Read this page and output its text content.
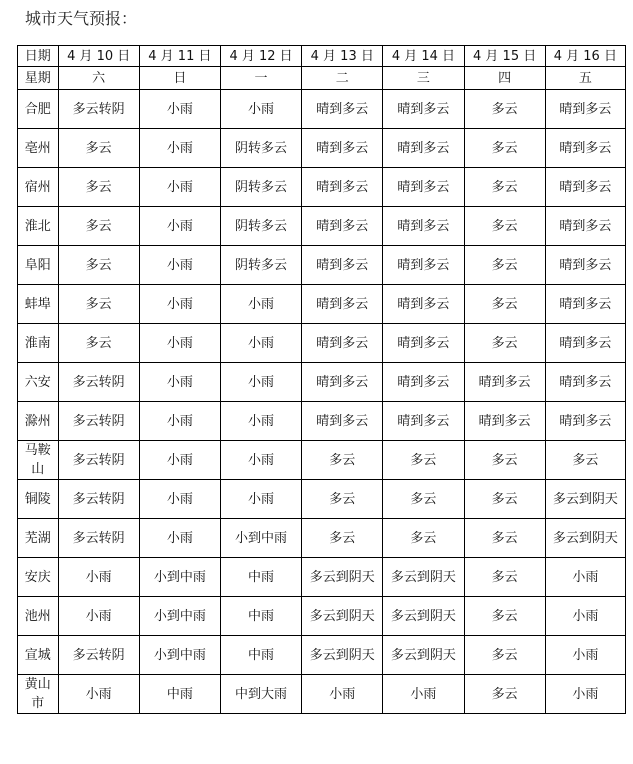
城市天气预报：
日期	4 月 10 日	4 月 11 日	4 月 12 日	4 月 13 日	4 月 14 日	4 月 15 日	4 月 16 日
星期	六	日	一	二	三	四	五
合肥	多云转阴	小雨	小雨	晴到多云	晴到多云	多云	晴到多云
亳州	多云	小雨	阴转多云	晴到多云	晴到多云	多云	晴到多云
宿州	多云	小雨	阴转多云	晴到多云	晴到多云	多云	晴到多云
淮北	多云	小雨	阴转多云	晴到多云	晴到多云	多云	晴到多云
阜阳	多云	小雨	阴转多云	晴到多云	晴到多云	多云	晴到多云
蚌埠	多云	小雨	小雨	晴到多云	晴到多云	多云	晴到多云
淮南	多云	小雨	小雨	晴到多云	晴到多云	多云	晴到多云
六安	多云转阴	小雨	小雨	晴到多云	晴到多云	晴到多云	晴到多云
滁州	多云转阴	小雨	小雨	晴到多云	晴到多云	晴到多云	晴到多云
马鞍山	多云转阴	小雨	小雨	多云	多云	多云	多云
铜陵	多云转阴	小雨	小雨	多云	多云	多云	多云到阴天
芜湖	多云转阴	小雨	小到中雨	多云	多云	多云	多云到阴天
安庆	小雨	小到中雨	中雨	多云到阴天	多云到阴天	多云	小雨
池州	小雨	小到中雨	中雨	多云到阴天	多云到阴天	多云	小雨
宣城	多云转阴	小到中雨	中雨	多云到阴天	多云到阴天	多云	小雨
黄山市	小雨	中雨	中到大雨	小雨	小雨	多云	小雨
